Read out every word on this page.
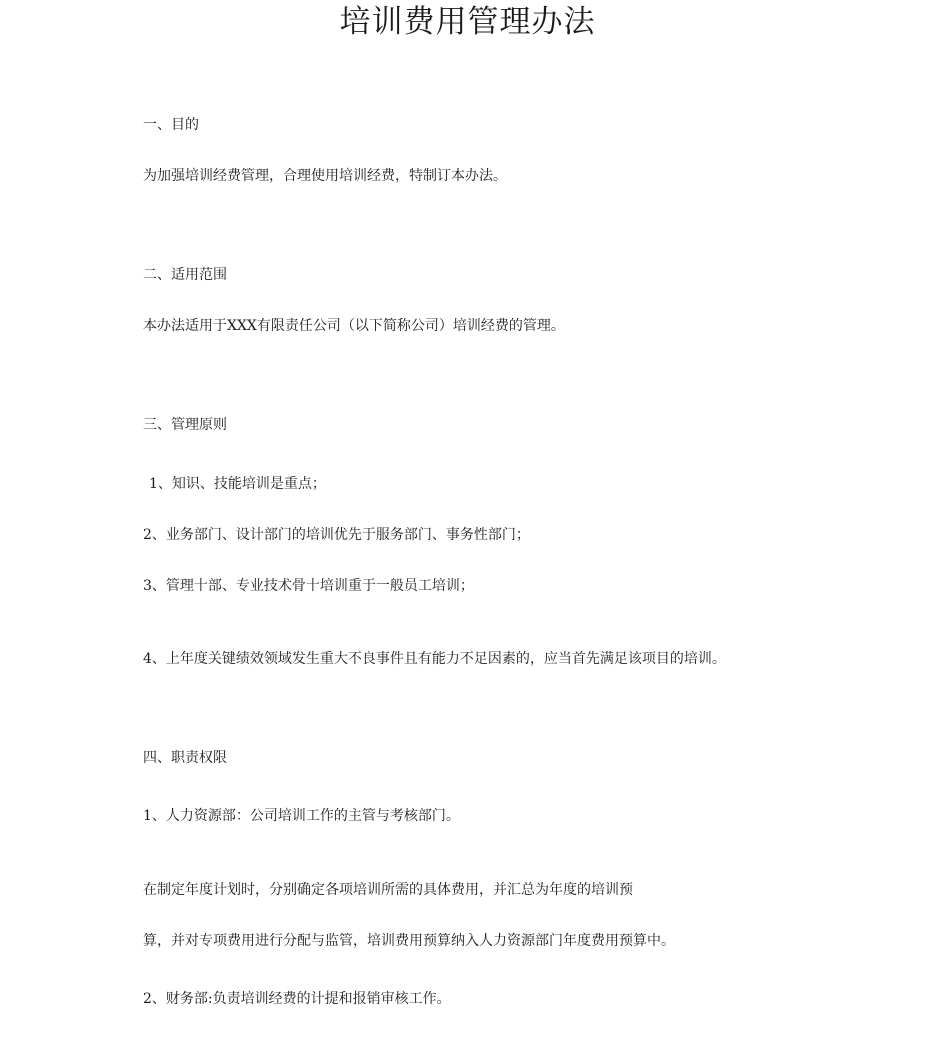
培训费用管理办法

一、目的

为加强培训经费管理，合理使用培训经费，特制订本办法。

二、适用范围

本办法适用于XXX有限责任公司（以下简称公司）培训经费的管理。

三、管理原则

1、知识、技能培训是重点；

2、业务部门、设计部门的培训优先于服务部门、事务性部门；

3、管理十部、专业技术骨十培训重于一般员工培训；

4、上年度关键绩效领域发生重大不良事件且有能力不足因素的，应当首先满足该项目的培训。

四、职责权限

1、人力资源部：公司培训工作的主管与考核部门。

在制定年度计划时，分别确定各项培训所需的具体费用，并汇总为年度的培训预

算，并对专项费用进行分配与监管，培训费用预算纳入人力资源部门年度费用预算中。

2、财务部:负责培训经费的计提和报销审核工作。
